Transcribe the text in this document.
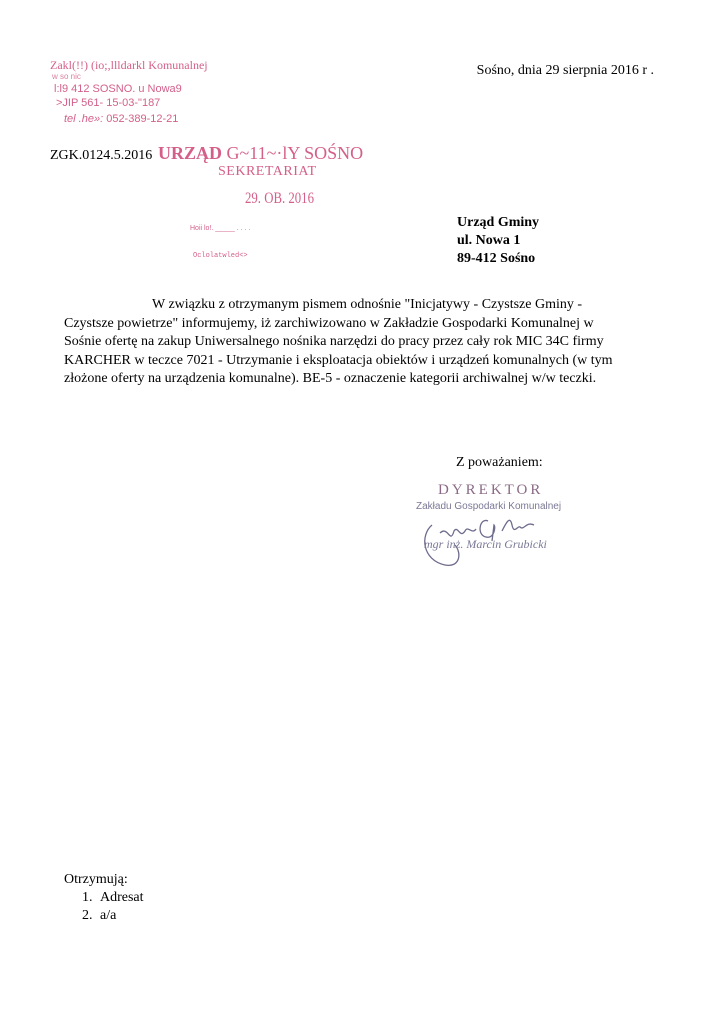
Zakl(!!) (io;,llldarkl Komunalnej
w so nic
l:l9 412 SOSNO. u Nowa9
>JIP 561- 15-03-"187
tel .he»: 052-389-12-21
Sośno, dnia 29 sierpnia 2016 r .
ZGK.0124.5.2016 URZĄD G~11~·lY SOŚNO
SEKRETARIAT
29. OB. 2016
Hoii lo!. _____ . . . .
Oclolatwled<>
Urząd Gminy
ul. Nowa 1
89-412 Sośno

W związku z otrzymanym pismem odnośnie "Inicjatywy - Czystsze Gminy - Czystsze powietrze" informujemy, iż zarchiwizowano w Zakładzie Gospodarki Komunalnej w Sośnie ofertę na zakup Uniwersalnego nośnika narzędzi do pracy przez cały rok MIC 34C firmy KARCHER w teczce 7021 - Utrzymanie i eksploatacja obiektów i urządzeń komunalnych (w tym złożone oferty na urządzenia komunalne). BE-5 - oznaczenie kategorii archiwalnej w/w teczki.

Z poważaniem:
DYREKTOR
Zakładu Gospodarki Komunalnej
mgr inż. Marcin Grubicki
Otrzymują:
1. Adresat
2. a/a
